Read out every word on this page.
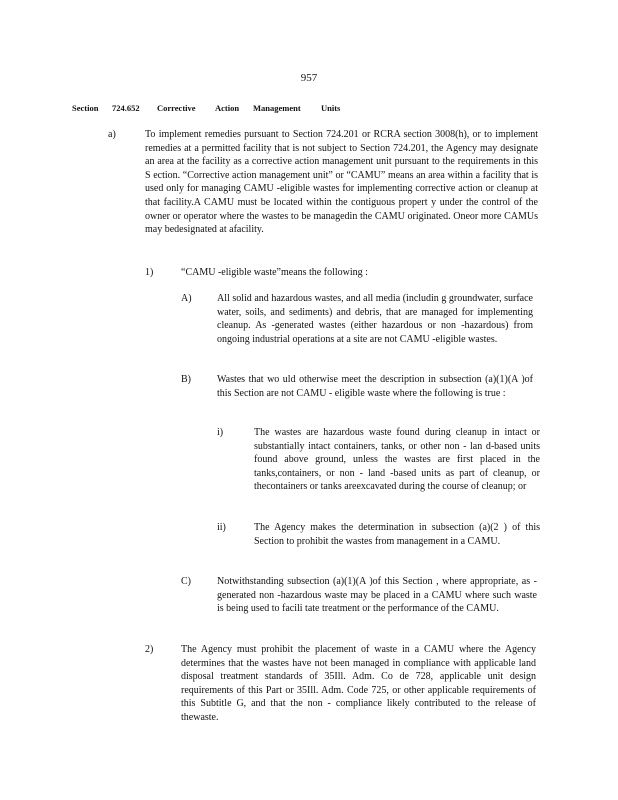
957
Section 724.652 Corrective Action Management Units
a)	To implement remedies pursuant to Section 724.201 or RCRA section 3008(h), or to implement remedies at a permitted facility that is not subject to Section 724.201, the Agency may designate an area at the facility as a corrective action management unit pursuant to the requirements in this S ection. “Corrective action management unit” or “CAMU” means an area within a facility that is used only for managing CAMU -eligible wastes for implementing corrective action or cleanup at that facility.A CAMU must be located within the contiguous propert y under the control of the owner or operator where the wastes to be managedin the CAMU originated. Oneor more CAMUs may bedesignated at afacility.
1)	“CAMU -eligible waste”means the following :
A)	All solid and hazardous wastes, and all media (includin g groundwater, surface water, soils, and sediments) and debris, that are managed for implementing cleanup. As -generated wastes (either hazardous or non -hazardous) from ongoing industrial operations at a site are not CAMU -eligible wastes.
B)	Wastes that wo uld otherwise meet the description in subsection (a)(1)(A )of this Section are not CAMU - eligible waste where the following is true :
i)	The wastes are hazardous waste found during cleanup in intact or substantially intact containers, tanks, or other non - lan d-based units found above ground, unless the wastes are first placed in the tanks,containers, or non - land -based units as part of cleanup, or thecontainers or tanks areexcavated during the course of cleanup; or
ii)	The Agency makes the determination in subsection (a)(2 ) of this Section to prohibit the wastes from management in a CAMU.
C)	Notwithstanding subsection (a)(1)(A )of this Section , where appropriate, as -generated non -hazardous waste may be placed in a CAMU where such waste is being used to facili tate treatment or the performance of the CAMU.
2)	The Agency must prohibit the placement of waste in a CAMU where the Agency determines that the wastes have not been managed in compliance with applicable land disposal treatment standards of 35Ill. Adm. Co de 728, applicable unit design requirements of this Part or 35Ill. Adm. Code 725, or other applicable requirements of this Subtitle G, and that the non - compliance likely contributed to the release of thewaste.
